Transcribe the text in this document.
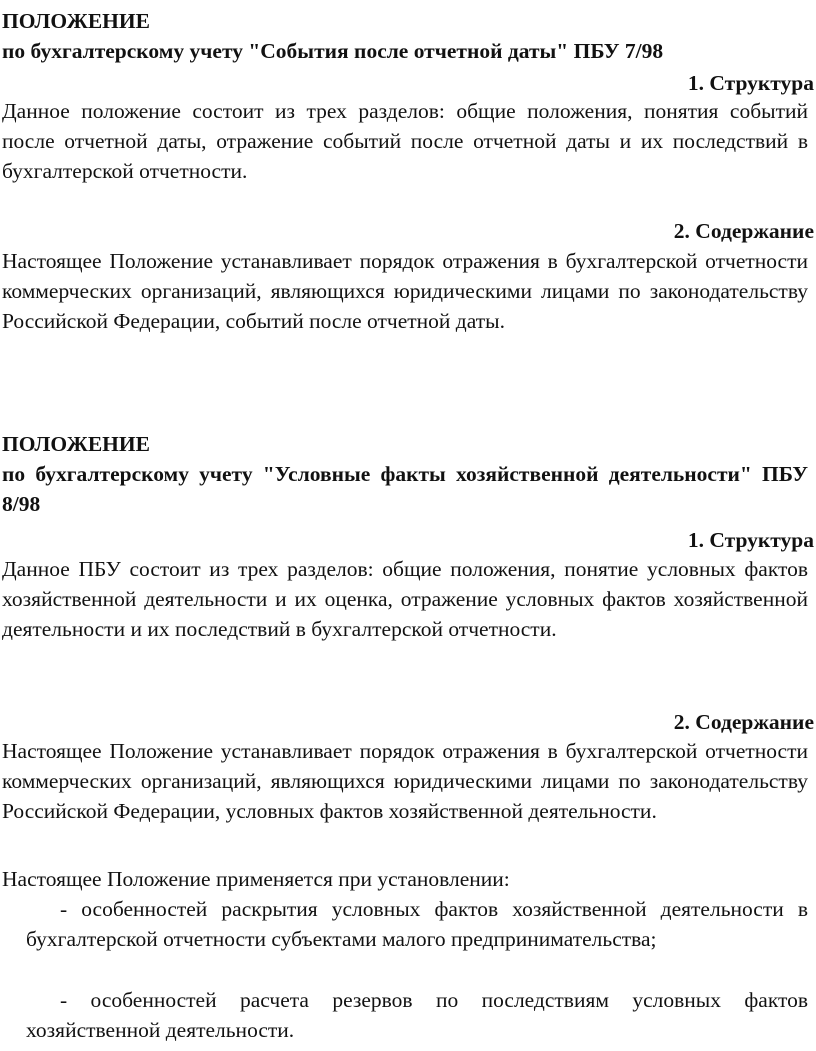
ПОЛОЖЕНИЕ
по бухгалтерскому учету "События после отчетной даты" ПБУ 7/98
1. Структура
Данное положение состоит из трех разделов: общие положения, понятия событий после отчетной даты, отражение событий после отчетной даты и их последствий в бухгалтерской отчетности.
2. Содержание
Настоящее Положение устанавливает порядок отражения в бухгалтерской отчетности коммерческих организаций, являющихся юридическими лицами по законодательству Российской Федерации, событий после отчетной даты.
ПОЛОЖЕНИЕ
по бухгалтерскому учету "Условные факты хозяйственной деятельности" ПБУ 8/98
1. Структура
Данное ПБУ состоит из трех разделов: общие положения, понятие условных фактов хозяйственной деятельности и их оценка, отражение условных фактов хозяйственной деятельности и их последствий в бухгалтерской отчетности.
2. Содержание
Настоящее Положение устанавливает порядок отражения в бухгалтерской отчетности коммерческих организаций, являющихся юридическими лицами по законодательству Российской Федерации, условных фактов хозяйственной деятельности.
Настоящее Положение применяется при установлении:
- особенностей раскрытия условных фактов хозяйственной деятельности в бухгалтерской отчетности субъектами малого предпринимательства;
- особенностей расчета резервов по последствиям условных фактов хозяйственной деятельности.
